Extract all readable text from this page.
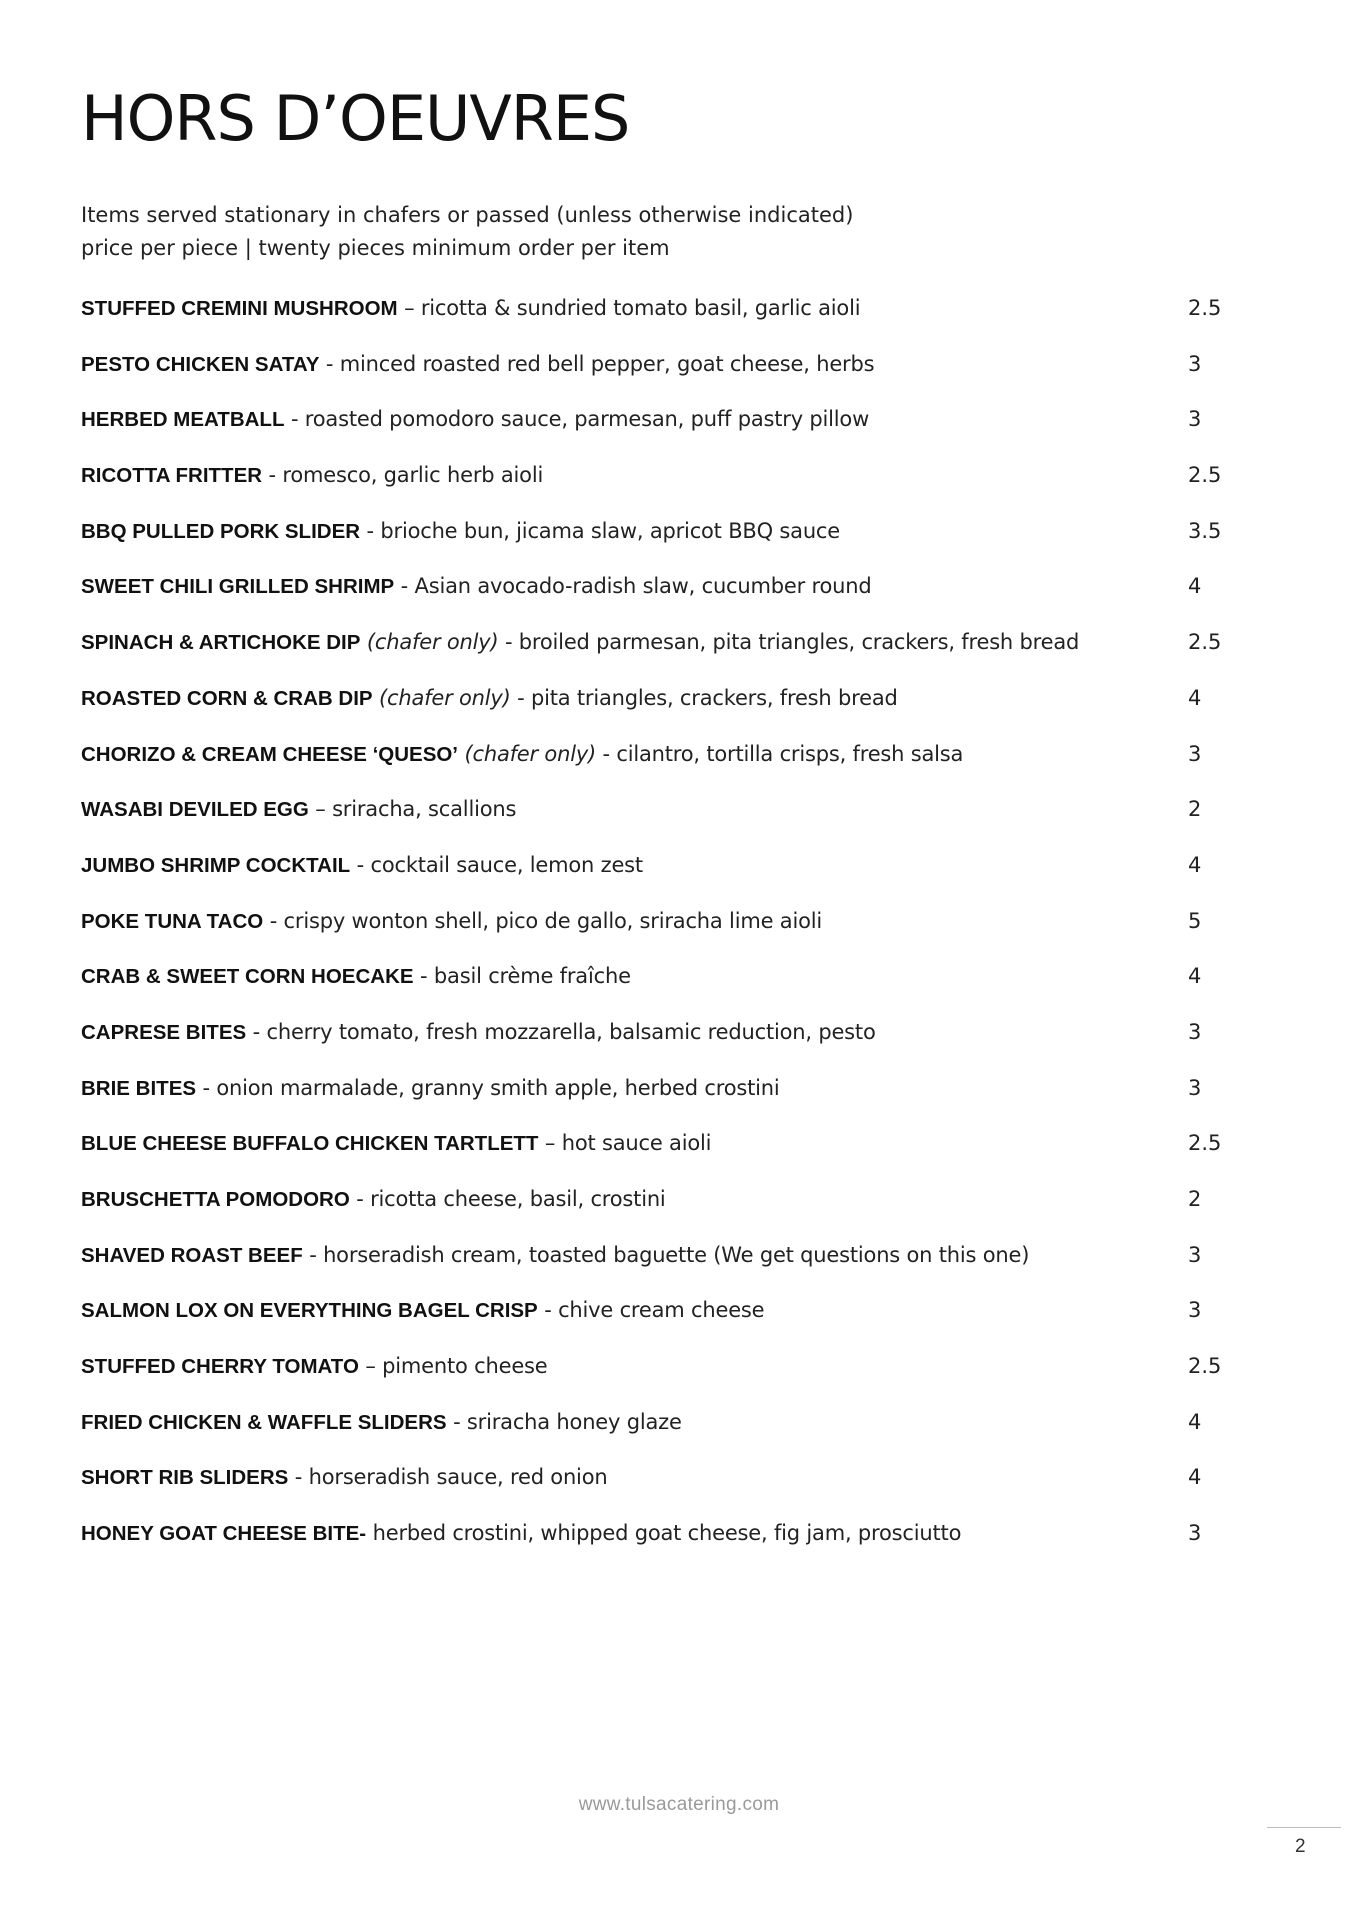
HORS D’OEUVRES
Items served stationary in chafers or passed (unless otherwise indicated)
price per piece | twenty pieces minimum order per item
STUFFED CREMINI MUSHROOM – ricotta & sundried tomato basil, garlic aioli	2.5
PESTO CHICKEN SATAY - minced roasted red bell pepper, goat cheese, herbs	3
HERBED MEATBALL - roasted pomodoro sauce, parmesan, puff pastry pillow	3
RICOTTA FRITTER - romesco, garlic herb aioli	2.5
BBQ PULLED PORK SLIDER - brioche bun, jicama slaw, apricot BBQ sauce	3.5
SWEET CHILI GRILLED SHRIMP - Asian avocado-radish slaw, cucumber round	4
SPINACH & ARTICHOKE DIP (chafer only) - broiled parmesan, pita triangles, crackers, fresh bread	2.5
ROASTED CORN & CRAB DIP (chafer only) - pita triangles, crackers, fresh bread	4
CHORIZO & CREAM CHEESE ‘QUESO’ (chafer only) - cilantro, tortilla crisps, fresh salsa	3
WASABI DEVILED EGG – sriracha, scallions	2
JUMBO SHRIMP COCKTAIL - cocktail sauce, lemon zest	4
POKE TUNA TACO - crispy wonton shell, pico de gallo, sriracha lime aioli	5
CRAB & SWEET CORN HOECAKE - basil crème fraîche	4
CAPRESE BITES - cherry tomato, fresh mozzarella, balsamic reduction, pesto	3
BRIE BITES - onion marmalade, granny smith apple, herbed crostini	3
BLUE CHEESE BUFFALO CHICKEN TARTLETT – hot sauce aioli	2.5
BRUSCHETTA POMODORO - ricotta cheese, basil, crostini	2
SHAVED ROAST BEEF - horseradish cream, toasted baguette (We get questions on this one)	3
SALMON LOX ON EVERYTHING BAGEL CRISP - chive cream cheese	3
STUFFED CHERRY TOMATO – pimento cheese	2.5
FRIED CHICKEN & WAFFLE SLIDERS - sriracha honey glaze	4
SHORT RIB SLIDERS - horseradish sauce, red onion	4
HONEY GOAT CHEESE BITE- herbed crostini, whipped goat cheese, fig jam, prosciutto	3
www.tulsacatering.com
2
